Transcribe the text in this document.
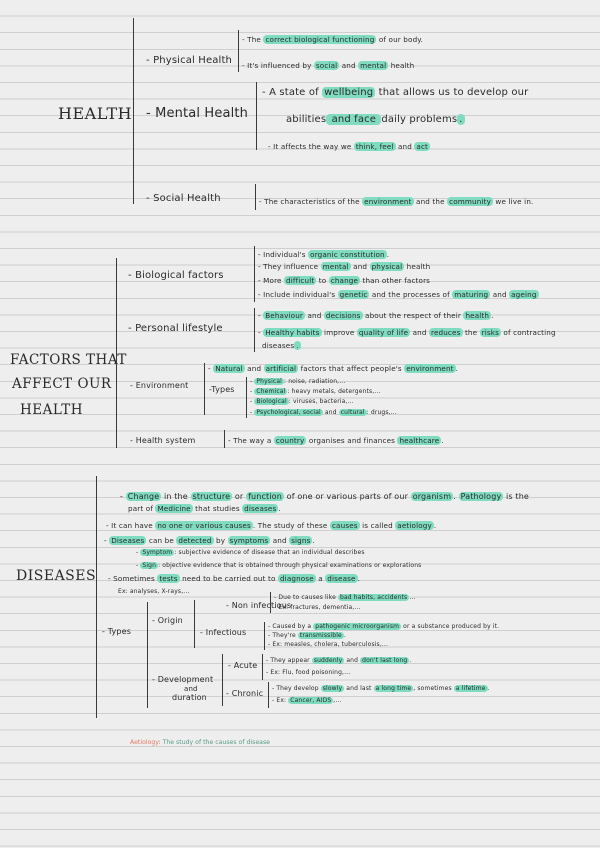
HEALTH
- Physical Health
- The correct biological functioning of our body.
- It's influenced by social and mental health
- Mental Health
- A state of wellbeing that allows us to develop our
abilities and face daily problems .
- It affects the way we think, feel and act
- Social Health	- The characteristics of the environment and the community we live in.
FACTORS THAT
AFFECT OUR
HEALTH
- Biological factors
- Individual's organic constitution .
- They influence mental and physical health
- More difficult to change than other factors
- Include individual's genetic and the processes of maturing and ageing
- Personal lifestyle
- Behaviour and decisions about the respect of their health .
- Healthy habits improve quality of life and reduces the risks of contracting
diseases .
- Environment
- Natural and artificial factors that affect people's environment .
-Types
- Physical : noise, radiation,...
- Chemical : heavy metals, detergents,...
- Biological : viruses, bacteria,...
- Psychological, social and cultural : drugs,...
- Health system	- The way a country organises and finances healthcare .
DISEASES
- Change in the structure or function of one or various parts of our organism . Pathology is the
part of Medicine that studies diseases .
- It can have no one or various causes . The study of these causes is called aetiology .
- Diseases can be detected by symptoms and signs .
- Symptom : subjective evidence of disease that an individual describes
- Sign : objective evidence that is obtained through physical examinations or explorations
- Sometimes tests need to be carried out to diagnose a disease .
Ex: analyses, X-rays,...
- Types
- Origin
- Non infectious
- Due to causes like bad habits, accidents ...
- Ex: fractures, dementia,...
- Infectious
- Caused by a pathogenic microorganism or a substance produced by it.
- They're transmissible .
- Ex: measles, cholera, tuberculosis,...
- Development
and
duration
- Acute
- They appear suddenly and don't last long .
- Ex: Flu, food poisoning,...
- Chronic
- They develop slowly and last a long time , sometimes a lifetime .
- Ex: Cancer, AIDS ,...
Aetiology: The study of the causes of disease
